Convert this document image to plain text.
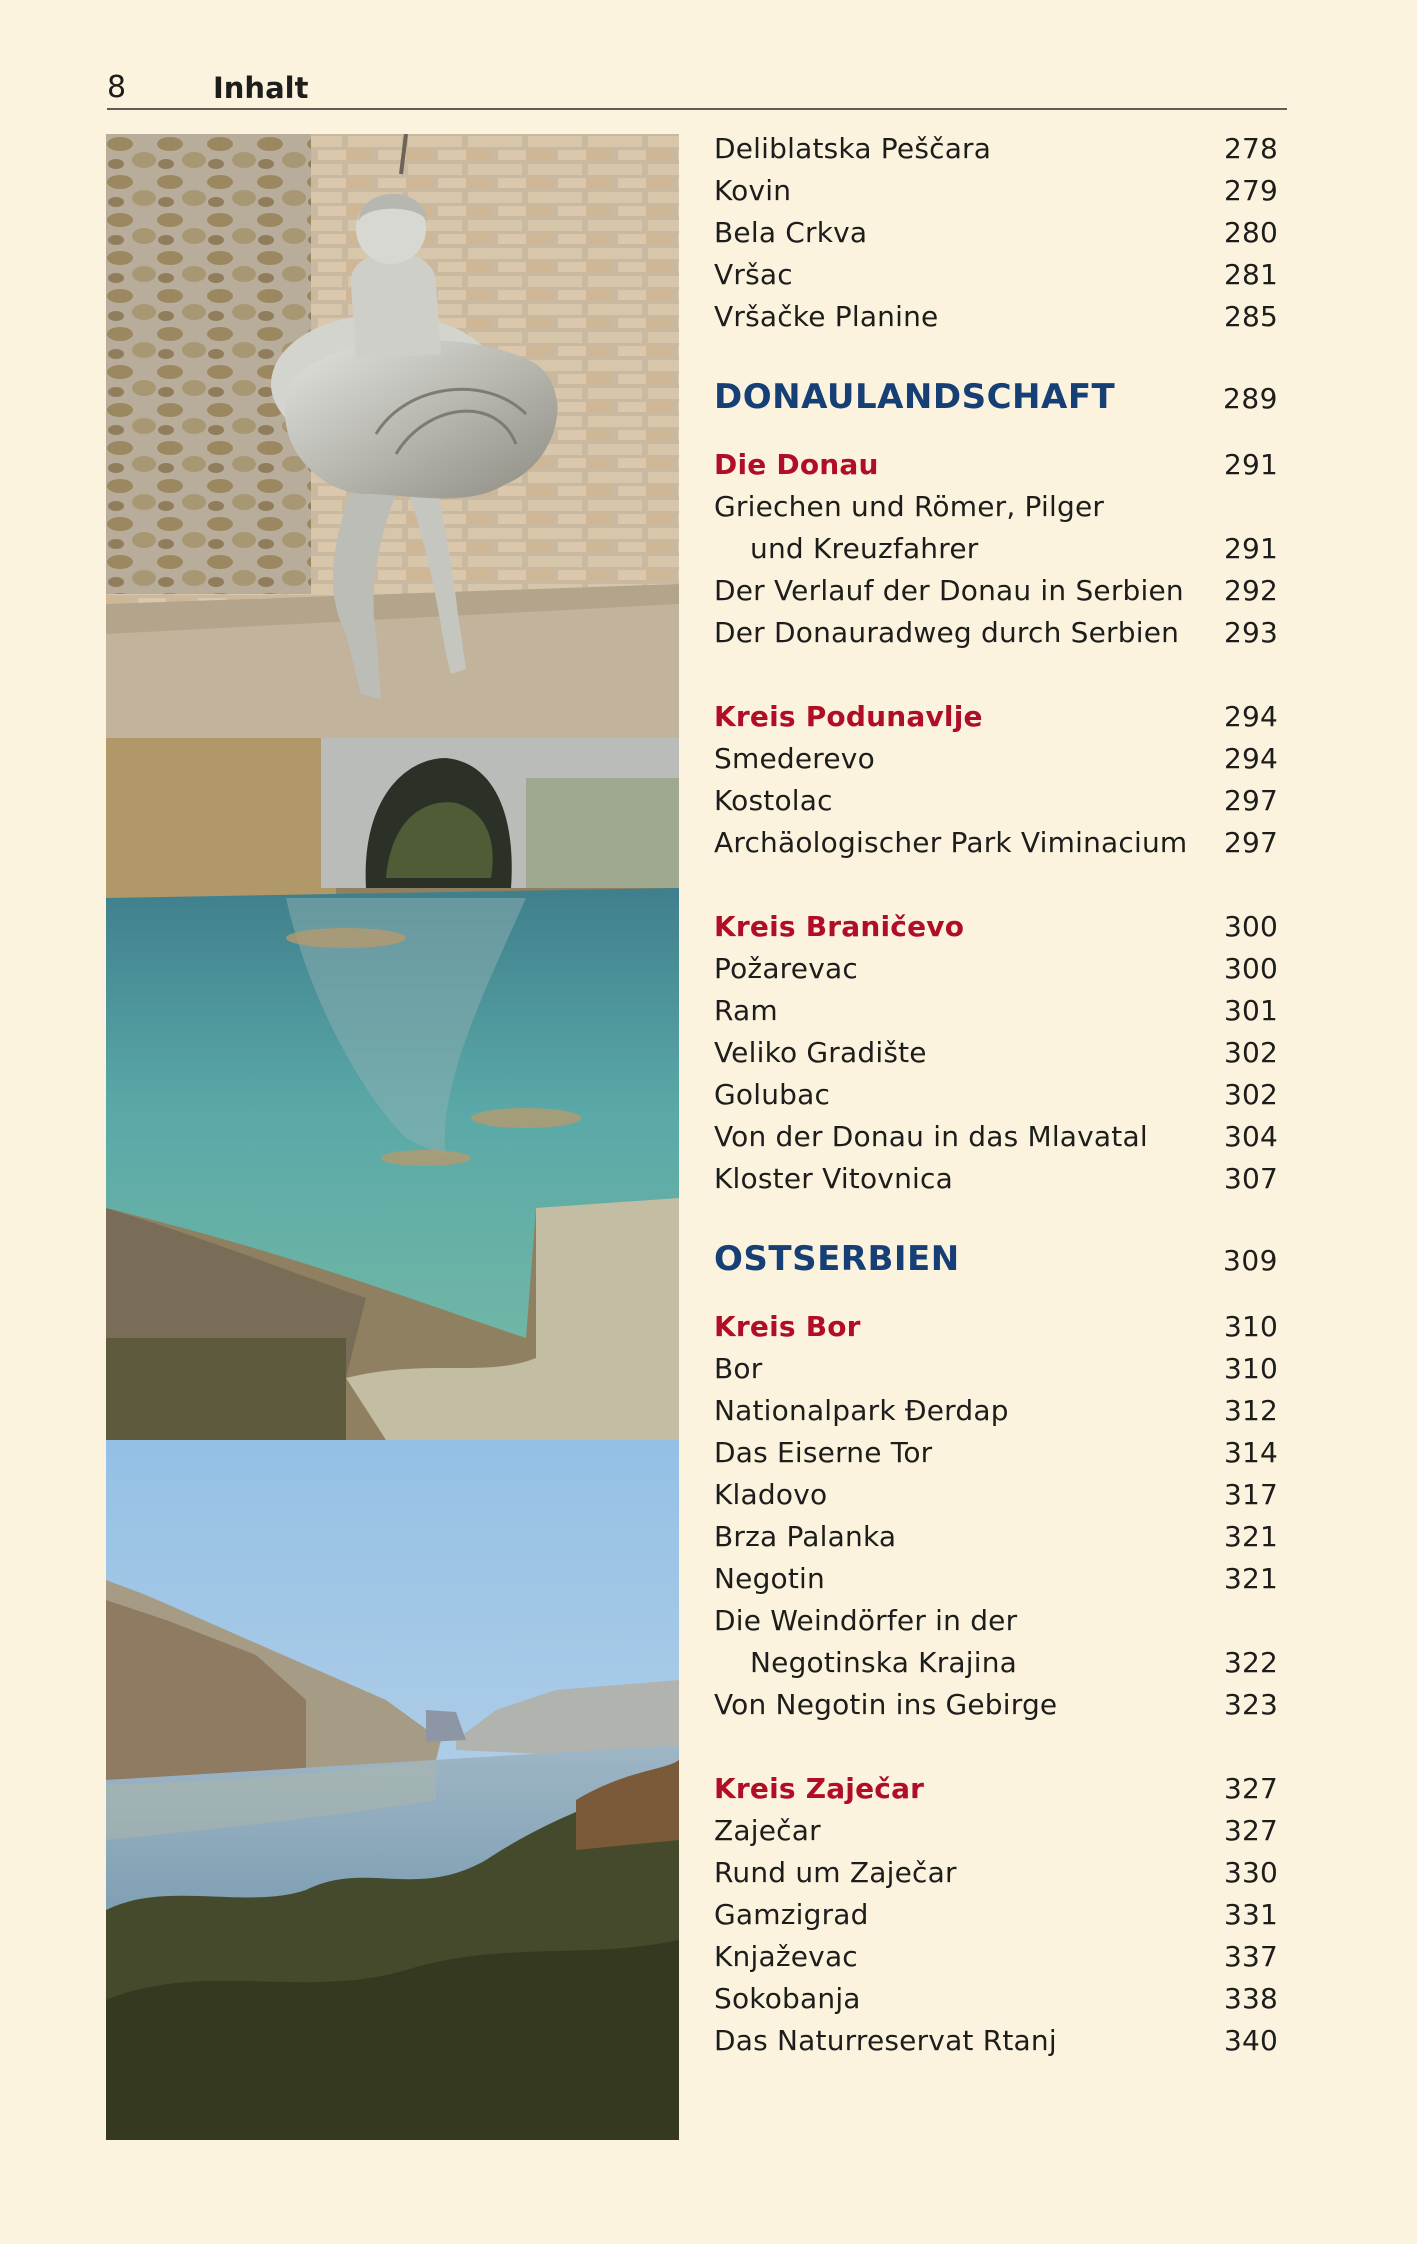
8	Inhalt
Deliblatska Peščara	278
Kovin	279
Bela Crkva	280
Vršac	281
Vršačke Planine	285
DONAULANDSCHAFT	289
Die Donau	291
Griechen und Römer, Pilger
und Kreuzfahrer	291
Der Verlauf der Donau in Serbien	292
Der Donauradweg durch Serbien	293
Kreis Podunavlje	294
Smederevo	294
Kostolac	297
Archäologischer Park Viminacium	297
Kreis Braničevo	300
Požarevac	300
Ram	301
Veliko Gradište	302
Golubac	302
Von der Donau in das Mlavatal	304
Kloster Vitovnica	307
OSTSERBIEN	309
Kreis Bor	310
Bor	310
Nationalpark Đerdap	312
Das Eiserne Tor	314
Kladovo	317
Brza Palanka	321
Negotin	321
Die Weindörfer in der
Negotinska Krajina	322
Von Negotin ins Gebirge	323
Kreis Zaječar	327
Zaječar	327
Rund um Zaječar	330
Gamzigrad	331
Knjaževac	337
Sokobanja	338
Das Naturreservat Rtanj	340
